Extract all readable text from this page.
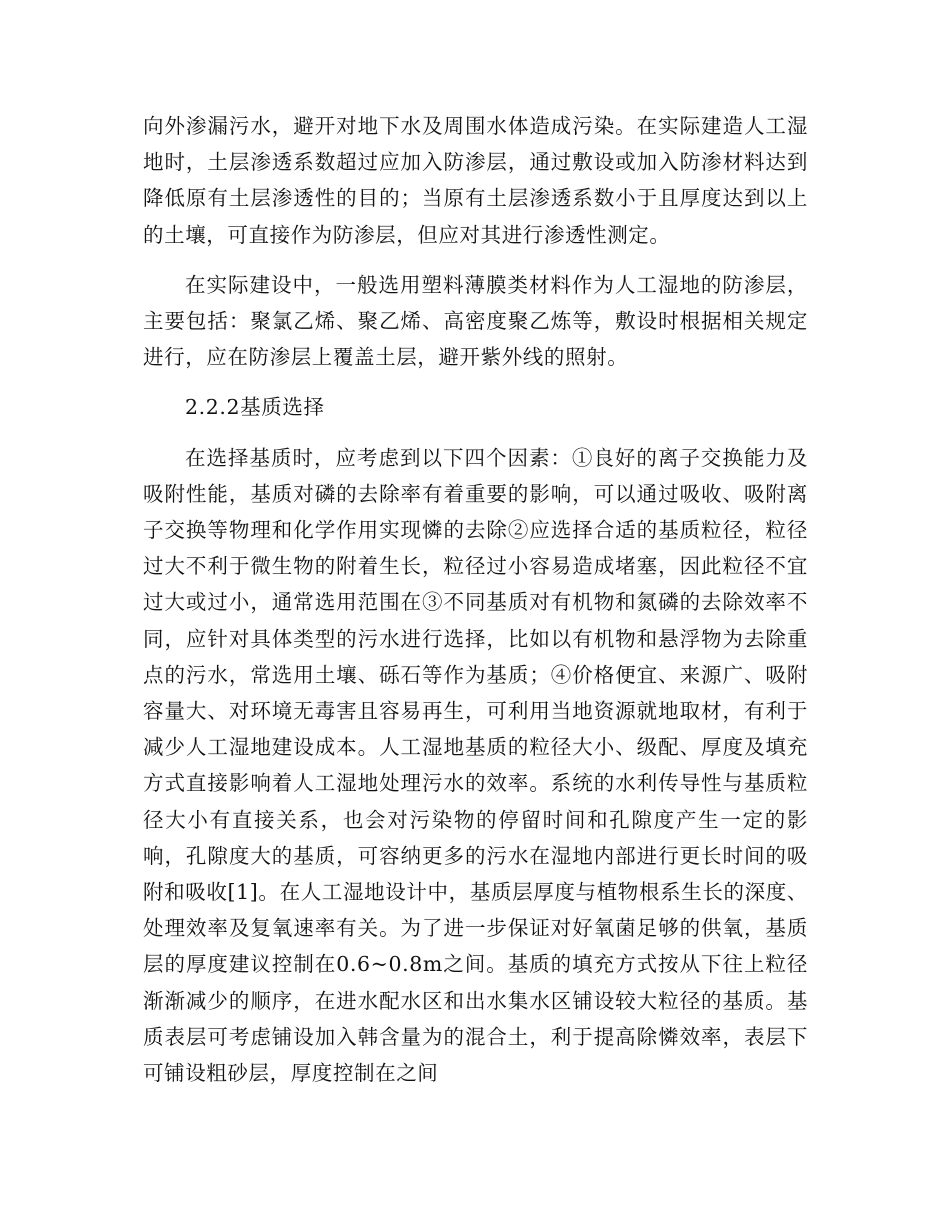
向外渗漏污水，避开对地下水及周围水体造成污染。在实际建造人工湿地时，土层渗透系数超过应加入防渗层，通过敷设或加入防渗材料达到降低原有土层渗透性的目的；当原有土层渗透系数小于且厚度达到以上的土壤，可直接作为防渗层，但应对其进行渗透性测定。

在实际建设中，一般选用塑料薄膜类材料作为人工湿地的防渗层，主要包括：聚氯乙烯、聚乙烯、高密度聚乙炼等，敷设时根据相关规定进行，应在防渗层上覆盖土层，避开紫外线的照射。

2.2.2基质选择

在选择基质时，应考虑到以下四个因素：①良好的离子交换能力及吸附性能，基质对磷的去除率有着重要的影响，可以通过吸收、吸附离子交换等物理和化学作用实现憐的去除②应选择合适的基质粒径，粒径过大不利于微生物的附着生长，粒径过小容易造成堵塞，因此粒径不宜过大或过小，通常选用范围在③不同基质对有机物和氮磷的去除效率不同，应针对具体类型的污水进行选择，比如以有机物和悬浮物为去除重点的污水，常选用土壤、砾石等作为基质；④价格便宜、来源广、吸附容量大、对环境无毒害且容易再生，可利用当地资源就地取材，有利于减少人工湿地建设成本。人工湿地基质的粒径大小、级配、厚度及填充方式直接影响着人工湿地处理污水的效率。系统的水利传导性与基质粒径大小有直接关系，也会对污染物的停留时间和孔隙度产生一定的影响，孔隙度大的基质，可容纳更多的污水在湿地内部进行更长时间的吸附和吸收[1]。在人工湿地设计中，基质层厚度与植物根系生长的深度、处理效率及复氧速率有关。为了进一步保证对好氧菌足够的供氧，基质层的厚度建议控制在0.6~0.8m之间。基质的填充方式按从下往上粒径渐渐减少的顺序，在进水配水区和出水集水区铺设较大粒径的基质。基质表层可考虑铺设加入韩含量为的混合土，利于提高除憐效率，表层下可铺设粗砂层，厚度控制在之间
